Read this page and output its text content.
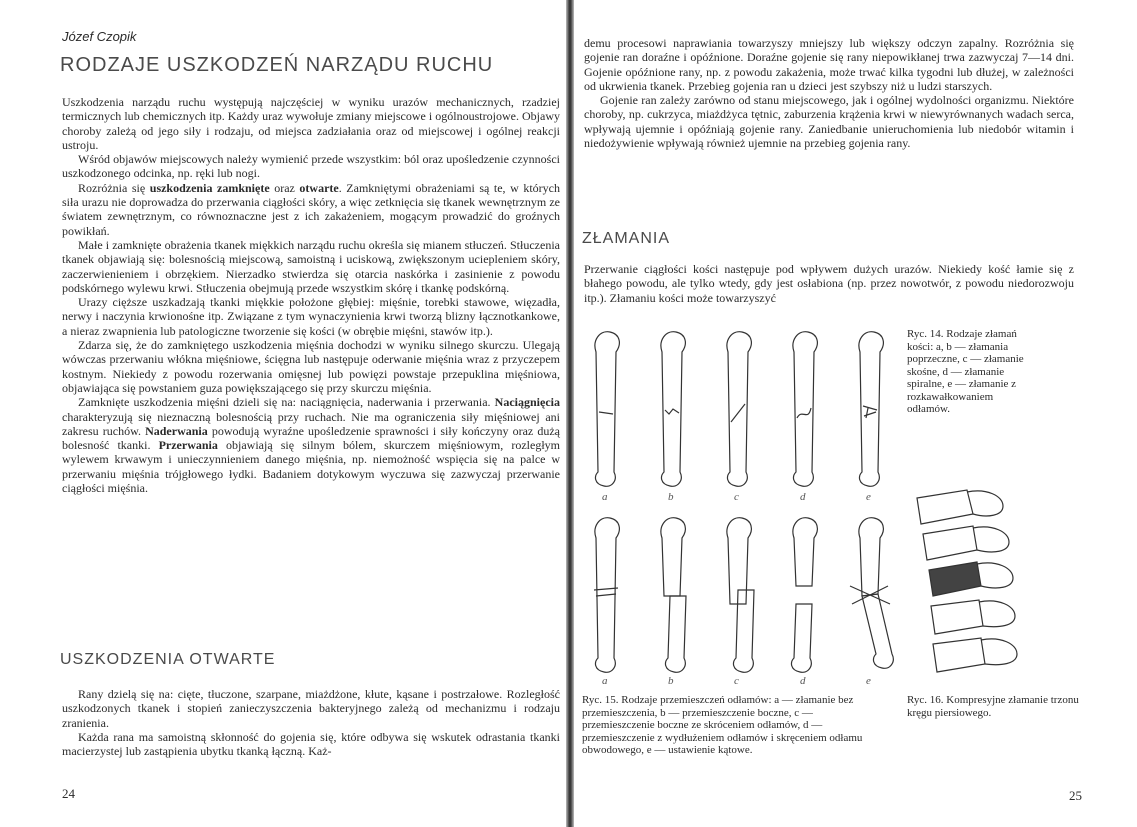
Józef Czopik

RODZAJE USZKODZEŃ NARZĄDU RUCHU

Uszkodzenia narządu ruchu występują najczęściej w wyniku urazów mechanicznych, rzadziej termicznych lub chemicznych itp. Każdy uraz wywołuje zmiany miejscowe i ogólnoustrojowe. Objawy choroby zależą od jego siły i rodzaju, od miejsca zadziałania oraz od miejscowej i ogólnej reakcji ustroju.

Wśród objawów miejscowych należy wymienić przede wszystkim: ból oraz upośledzenie czynności uszkodzonego odcinka, np. ręki lub nogi.

Rozróżnia się uszkodzenia zamknięte oraz otwarte. Zamkniętymi obrażeniami są te, w których siła urazu nie doprowadza do przerwania ciągłości skóry, a więc zetknięcia się tkanek wewnętrznym ze światem zewnętrznym, co równoznaczne jest z ich zakażeniem, mogącym prowadzić do groźnych powikłań.

Małe i zamknięte obrażenia tkanek miękkich narządu ruchu określa się mianem stłuczeń. Stłuczenia tkanek objawiają się: bolesnością miejscową, samoistną i uciskową, zwiększonym uciepleniem skóry, zaczerwienieniem i obrzękiem. Nierzadko stwierdza się otarcia naskórka i zasinienie z powodu podskórnego wylewu krwi. Stłuczenia obejmują przede wszystkim skórę i tkankę podskórną.

Urazy cięższe uszkadzają tkanki miękkie położone głębiej: mięśnie, torebki stawowe, więzadła, nerwy i naczynia krwionośne itp. Związane z tym wynaczynienia krwi tworzą blizny łącznotkankowe, a nieraz zwapnienia lub patologiczne tworzenie się kości (w obrębie mięśni, stawów itp.).

Zdarza się, że do zamkniętego uszkodzenia mięśnia dochodzi w wyniku silnego skurczu. Ulegają wówczas przerwaniu włókna mięśniowe, ścięgna lub następuje oderwanie mięśnia wraz z przyczepem kostnym. Niekiedy z powodu rozerwania omięsnej lub powięzi powstaje przepuklina mięśniowa, objawiająca się powstaniem guza powiększającego się przy skurczu mięśnia.

Zamknięte uszkodzenia mięśni dzieli się na: naciągnięcia, naderwania i przerwania. Naciągnięcia charakteryzują się nieznaczną bolesnością przy ruchach. Nie ma ograniczenia siły mięśniowej ani zakresu ruchów. Naderwania powodują wyraźne upośledzenie sprawności i siły kończyny oraz dużą bolesność tkanki. Przerwania objawiają się silnym bólem, skurczem mięśniowym, rozległym wylewem krwawym i unieczynnieniem danego mięśnia, np. niemożność wspięcia się na palce w przerwaniu mięśnia trójgłowego łydki. Badaniem dotykowym wyczuwa się zazwyczaj przerwanie ciągłości mięśnia.

USZKODZENIA OTWARTE

Rany dzielą się na: cięte, tłuczone, szarpane, miażdżone, kłute, kąsane i postrzałowe. Rozległość uszkodzonych tkanek i stopień zanieczyszczenia bakteryjnego zależą od mechanizmu i rodzaju zranienia.

Każda rana ma samoistną skłonność do gojenia się, które odbywa się wskutek odrastania tkanki macierzystej lub zastąpienia ubytku tkanką łączną. Każ-

24

demu procesowi naprawiania towarzyszy mniejszy lub większy odczyn zapalny. Rozróżnia się gojenie ran doraźne i opóźnione. Doraźne gojenie się rany niepowikłanej trwa zazwyczaj 7—14 dni. Gojenie opóźnione rany, np. z powodu zakażenia, może trwać kilka tygodni lub dłużej, w zależności od ukrwienia tkanek. Przebieg gojenia ran u dzieci jest szybszy niż u ludzi starszych.

Gojenie ran zależy zarówno od stanu miejscowego, jak i ogólnej wydolności organizmu. Niektóre choroby, np. cukrzyca, miażdżyca tętnic, zaburzenia krążenia krwi w niewyrównanych wadach serca, wpływają ujemnie i opóźniają gojenie rany. Zaniedbanie unieruchomienia lub niedobór witamin i niedożywienie wpływają również ujemnie na przebieg gojenia rany.

ZŁAMANIA

Przerwanie ciągłości kości następuje pod wpływem dużych urazów. Niekiedy kość łamie się z błahego powodu, ale tylko wtedy, gdy jest osłabiona (np. przez nowotwór, z powodu niedorozwoju itp.). Złamaniu kości może towarzyszyć

a	b	c	d	e

Ryc. 14. Rodzaje złamań kości: a, b — złamania poprzeczne, c — złamanie skośne, d — złamanie spiralne, e — złamanie z rozkawałkowaniem odłamów.

a	b	c	d	e

Ryc. 15. Rodzaje przemieszczeń odłamów: a — złamanie bez przemieszczenia, b — przemieszczenie boczne, c — przemieszczenie boczne ze skróceniem odłamów, d — przemieszczenie z wydłużeniem odłamów i skręceniem odłamu obwodowego, e — ustawienie kątowe.

Ryc. 16. Kompresyjne złamanie trzonu kręgu piersiowego.

25
